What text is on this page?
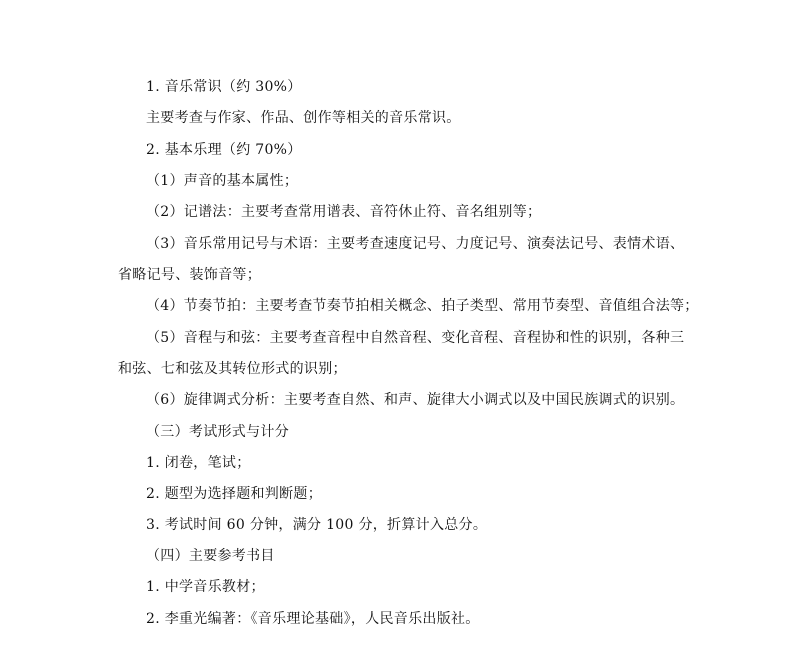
1. 音乐常识（约 30%）
主要考查与作家、作品、创作等相关的音乐常识。
2. 基本乐理（约 70%）
（1）声音的基本属性；
（2）记谱法：主要考查常用谱表、音符休止符、音名组别等；
（3）音乐常用记号与术语：主要考查速度记号、力度记号、演奏法记号、表情术语、
省略记号、装饰音等；
（4）节奏节拍：主要考查节奏节拍相关概念、拍子类型、常用节奏型、音值组合法等；
（5）音程与和弦：主要考查音程中自然音程、变化音程、音程协和性的识别，各种三
和弦、七和弦及其转位形式的识别；
（6）旋律调式分析：主要考查自然、和声、旋律大小调式以及中国民族调式的识别。
（三）考试形式与计分
1. 闭卷，笔试；
2. 题型为选择题和判断题；
3. 考试时间 60 分钟，满分 100 分，折算计入总分。
（四）主要参考书目
1. 中学音乐教材；
2. 李重光编著：《音乐理论基础》，人民音乐出版社。
